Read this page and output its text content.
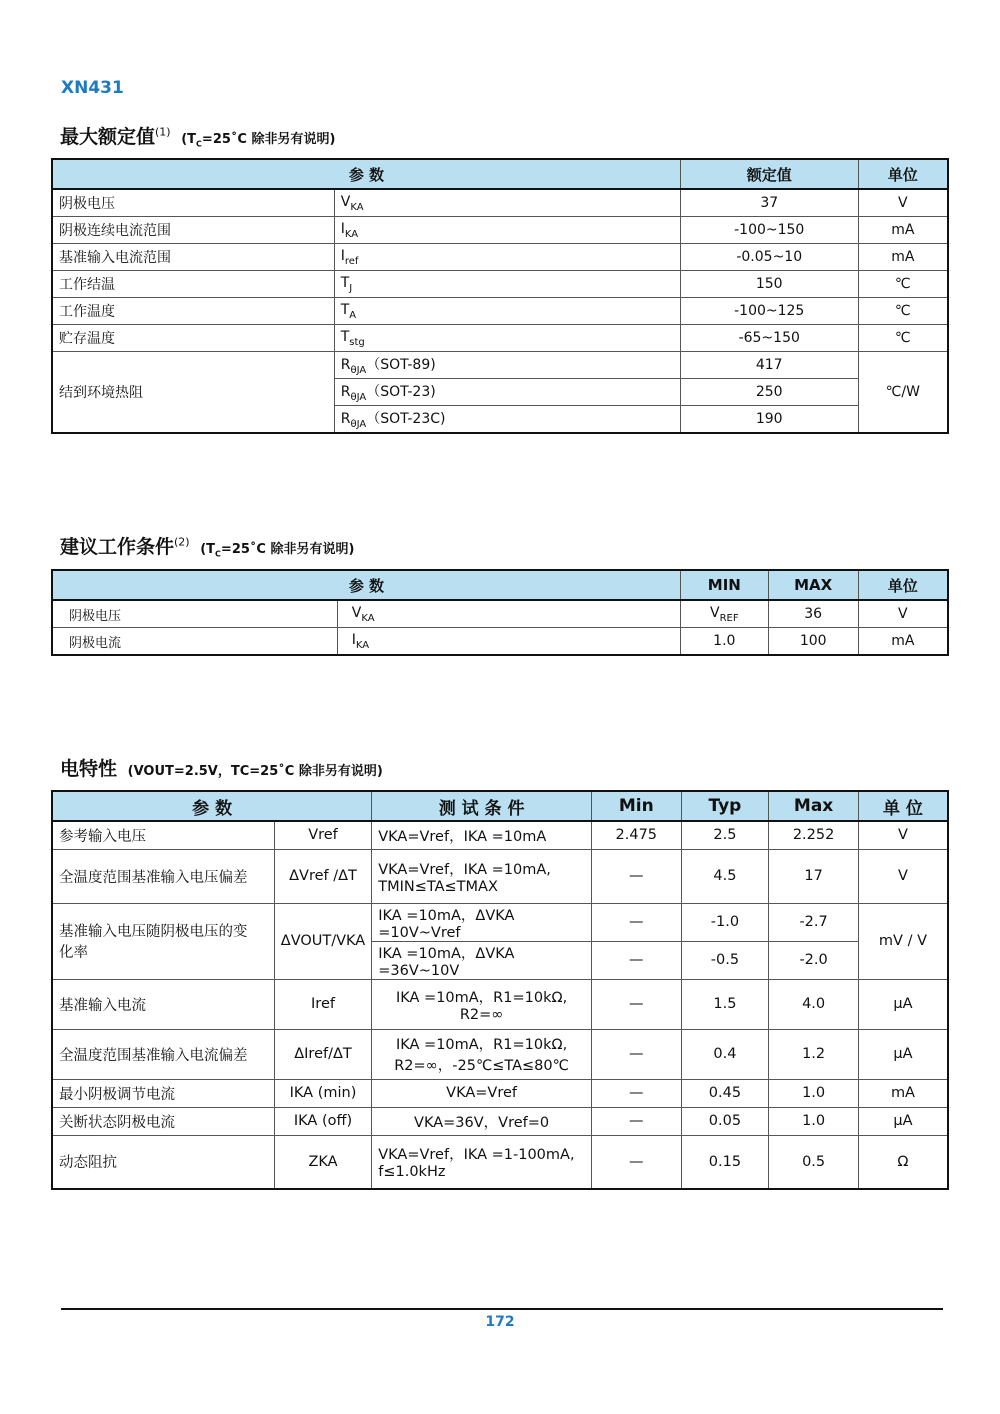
XN431
最大额定值$^{(1)}$ ($T_C=25˚C$ 除非另有说明)
参 数		额定值	单位
阴极电压	$V_{KA}$	37	V
阴极连续电流范围	$I_{KA}$	-100~150	mA
基准输入电流范围	$I_{ref}$	-0.05~10	mA
工作结温	$T_J$	150	℃
工作温度	$T_A$	-100~125	℃
贮存温度	$T_{stg}$	-65~150	℃
结到环境热阻	$R_{\theta JA}(SOT-89)$	417	℃/W
	$R_{\theta JA}(SOT-23)$	250	
	$R_{\theta JA}(SOT-23C)$	190	
建议工作条件$^{(2)}$ ($T_C=25˚C$ 除非另有说明)
参 数		MIN	MAX	单位
阴极电压	$V_{KA}$	$V_{REF}$	36	V
阴极电流	$I_{KA}$	1.0	100	mA
电特性 (VOUT=2.5V，TC=25˚C 除非另有说明)
参 数		测 试 条 件	Min	Typ	Max	单 位
参考输入电压	Vref	VKA=Vref，IKA =10mA	2.475	2.5	2.252	V
全温度范围基准输入电压偏差	ΔVref /ΔT	VKA=Vref，IKA =10mA,
TMIN≤TA≤TMAX	—	4.5	17	V

基准输入电压随阴极电压的变
化率	ΔVOUT/VKA	IKA =10mA，ΔVKA =10V~Vref	—	-1.0	-2.7	mV / V
		IKA =10mA，ΔVKA =36V~10V	—	-0.5	-2.0	
基准输入电流	Iref	IKA =10mA，R1=10kΩ,
R2=∞	—	1.5	4.0	μA
全温度范围基准输入电流偏差	ΔIref/ΔT	IKA =10mA，R1=10kΩ,
R2=∞，-25℃≤TA≤80℃	—	0.4	1.2	μA
最小阴极调节电流	IKA (min)	VKA=Vref	—	0.45	1.0	mA
关断状态阴极电流	IKA (off)	VKA=36V，Vref=0	—	0.05	1.0	μA
动态阻抗	ZKA	VKA=Vref，IKA =1-100mA,
f≤1.0kHz	—	0.15	0.5	Ω
172
